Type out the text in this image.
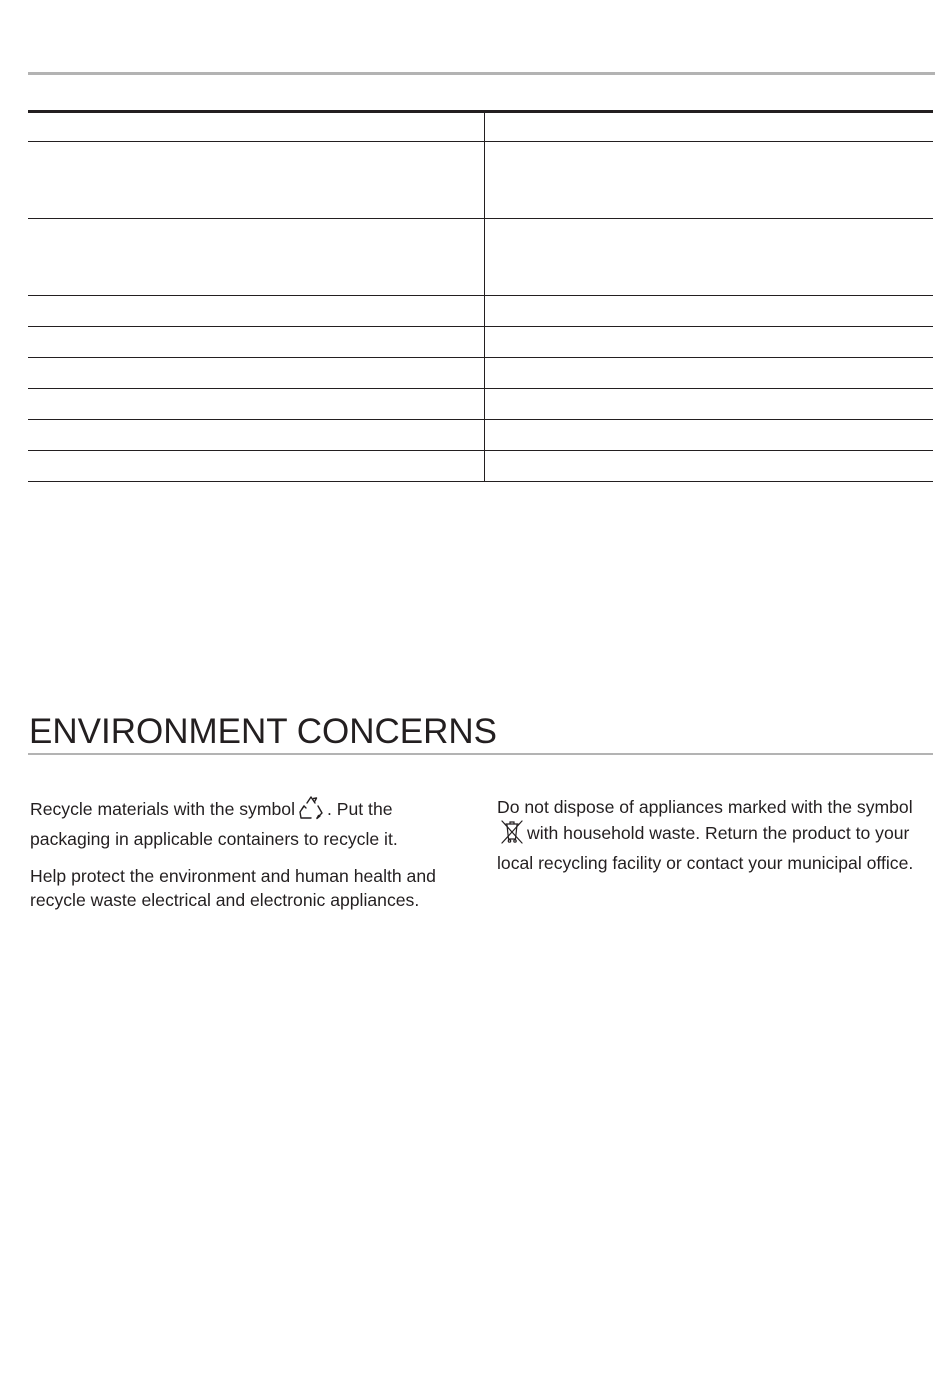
ENVIRONMENT CONCERNS

Recycle materials with the symbol . Put the packaging in applicable containers to recycle it.

Help protect the environment and human health and recycle waste electrical and electronic appliances.

Do not dispose of appliances marked with the symbolwith household waste. Return the product to your local recycling facility or contact your municipal office.
